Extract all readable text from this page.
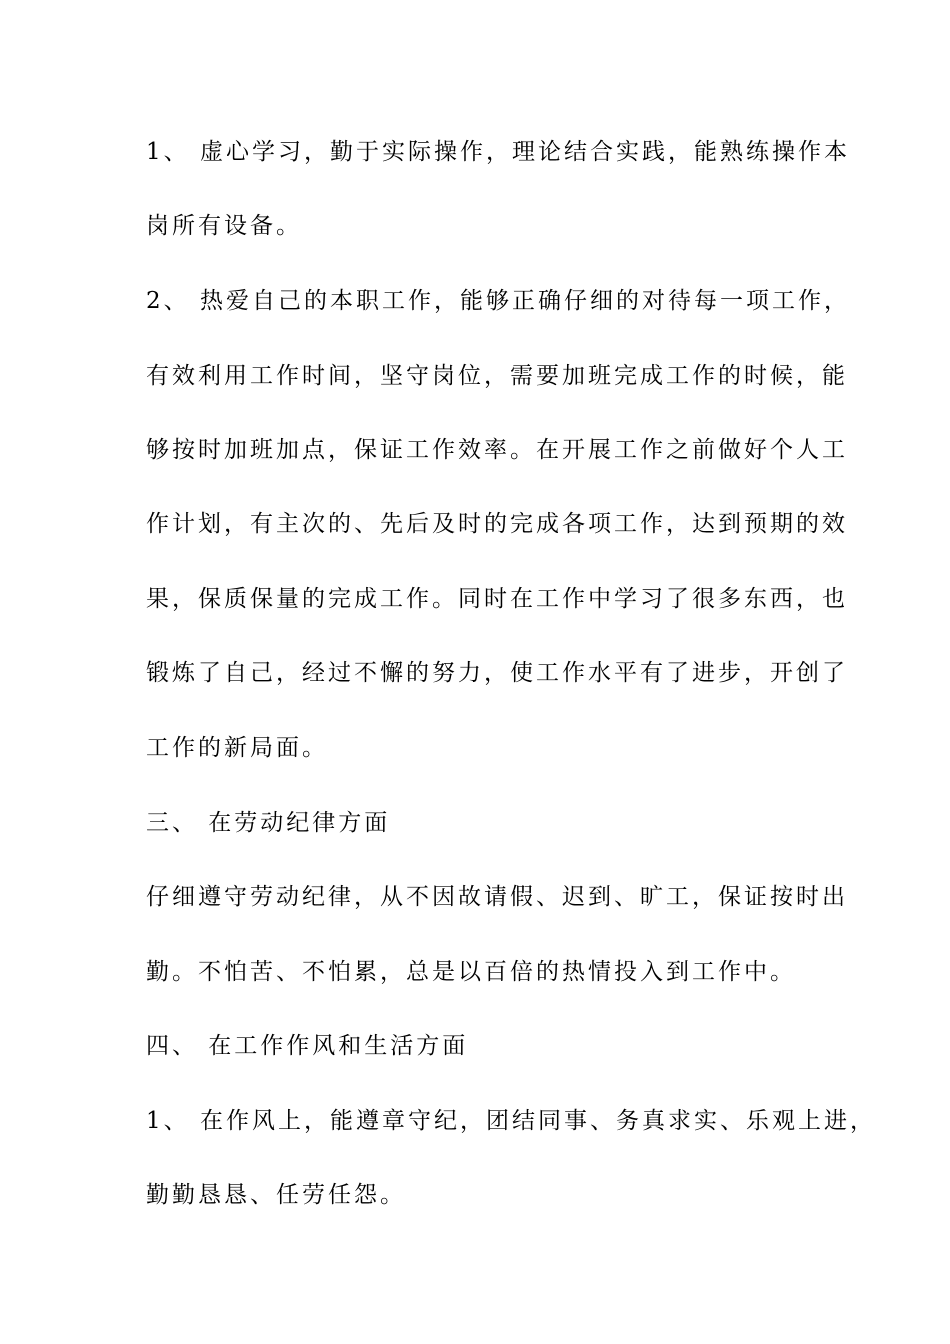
1、 虚心学习，勤于实际操作，理论结合实践，能熟练操作本
岗所有设备。
2、 热爱自己的本职工作，能够正确仔细的对待每一项工作，
有效利用工作时间，坚守岗位，需要加班完成工作的时候，能
够按时加班加点，保证工作效率。在开展工作之前做好个人工
作计划，有主次的、先后及时的完成各项工作，达到预期的效
果，保质保量的完成工作。同时在工作中学习了很多东西，也
锻炼了自己，经过不懈的努力，使工作水平有了进步，开创了
工作的新局面。
三、 在劳动纪律方面
仔细遵守劳动纪律，从不因故请假、迟到、旷工，保证按时出
勤。不怕苦、不怕累，总是以百倍的热情投入到工作中。
四、 在工作作风和生活方面
1、 在作风上，能遵章守纪，团结同事、务真求实、乐观上进，
勤勤恳恳、任劳任怨。
